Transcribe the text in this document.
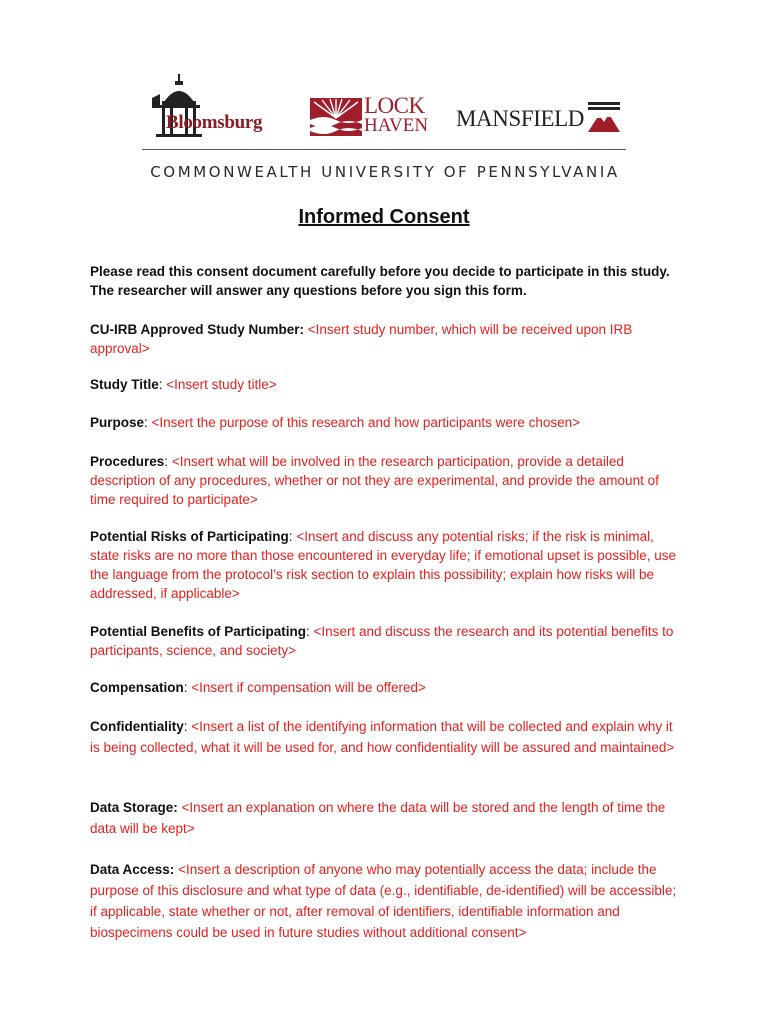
Bloomsburg
LOCK
HAVEN MANSFIELD
COMMONWEALTH UNIVERSITY OF PENNSYLVANIA
Informed Consent
Please read this consent document carefully before you decide to participate in this study. The researcher will answer any questions before you sign this form.
CU-IRB Approved Study Number: <Insert study number, which will be received upon IRB approval>
Study Title: <Insert study title>
Purpose: <Insert the purpose of this research and how participants were chosen>
Procedures: <Insert what will be involved in the research participation, provide a detailed description of any procedures, whether or not they are experimental, and provide the amount of time required to participate>
Potential Risks of Participating: <Insert and discuss any potential risks; if the risk is minimal, state risks are no more than those encountered in everyday life; if emotional upset is possible, use the language from the protocol’s risk section to explain this possibility; explain how risks will be addressed, if applicable>
Potential Benefits of Participating: <Insert and discuss the research and its potential benefits to participants, science, and society>
Compensation: <Insert if compensation will be offered>
Confidentiality: <Insert a list of the identifying information that will be collected and explain why it is being collected, what it will be used for, and how confidentiality will be assured and maintained>
Data Storage: <Insert an explanation on where the data will be stored and the length of time the data will be kept>
Data Access: <Insert a description of anyone who may potentially access the data; include the purpose of this disclosure and what type of data (e.g., identifiable, de-identified) will be accessible; if applicable, state whether or not, after removal of identifiers, identifiable information and biospecimens could be used in future studies without additional consent>
